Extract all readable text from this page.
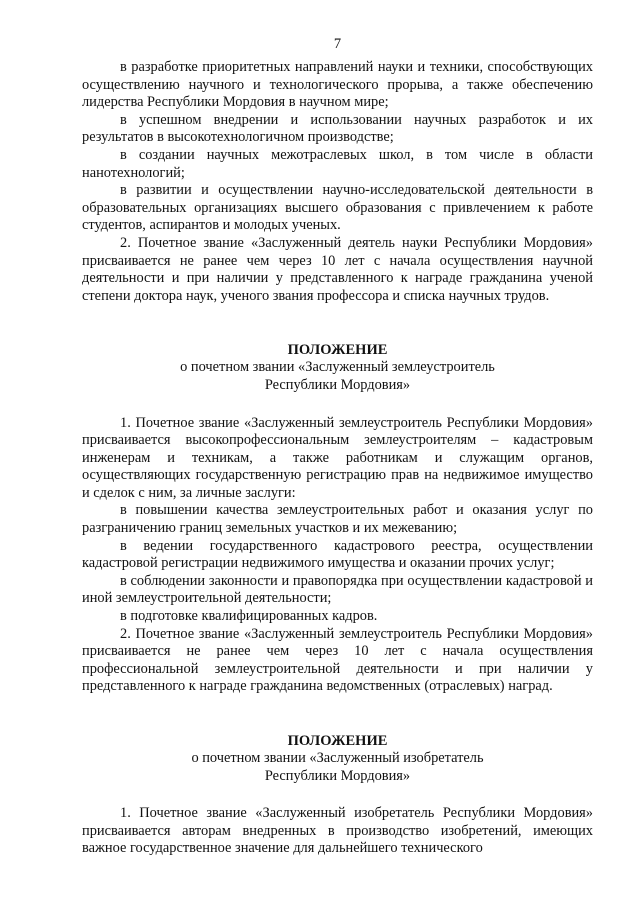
7

в разработке приоритетных направлений науки и техники, способствующих осуществлению научного и технологического прорыва, а также обеспечению лидерства Республики Мордовия в научном мире;

в успешном внедрении и использовании научных разработок и их результатов в высокотехнологичном производстве;

в создании научных межотраслевых школ, в том числе в области нанотехнологий;

в развитии и осуществлении научно-исследовательской деятельности в образовательных организациях высшего образования с привлечением к работе студентов, аспирантов и молодых ученых.

2. Почетное звание «Заслуженный деятель науки Республики Мордовия» присваивается не ранее чем через 10 лет с начала осуществления научной деятельности и при наличии у представленного к награде гражданина ученой степени доктора наук, ученого звания профессора и списка научных трудов.

ПОЛОЖЕНИЕ
о почетном звании «Заслуженный землеустроитель
Республики Мордовия»

1. Почетное звание «Заслуженный землеустроитель Республики Мордовия» присваивается высокопрофессиональным землеустроителям – кадастровым инженерам и техникам, а также работникам и служащим органов, осуществляющих государственную регистрацию прав на недвижимое имущество и сделок с ним, за личные заслуги:

в повышении качества землеустроительных работ и оказания услуг по разграничению границ земельных участков и их межеванию;

в ведении государственного кадастрового реестра, осуществлении кадастровой регистрации недвижимого имущества и оказании прочих услуг;

в соблюдении законности и правопорядка при осуществлении кадастровой и иной землеустроительной деятельности;

в подготовке квалифицированных кадров.

2. Почетное звание «Заслуженный землеустроитель Республики Мордовия» присваивается не ранее чем через 10 лет с начала осуществления профессиональной землеустроительной деятельности и при наличии у представленного к награде гражданина ведомственных (отраслевых) наград.

ПОЛОЖЕНИЕ
о почетном звании «Заслуженный изобретатель
Республики Мордовия»

1. Почетное звание «Заслуженный изобретатель Республики Мордовия» присваивается авторам внедренных в производство изобретений, имеющих важное государственное значение для дальнейшего технического
